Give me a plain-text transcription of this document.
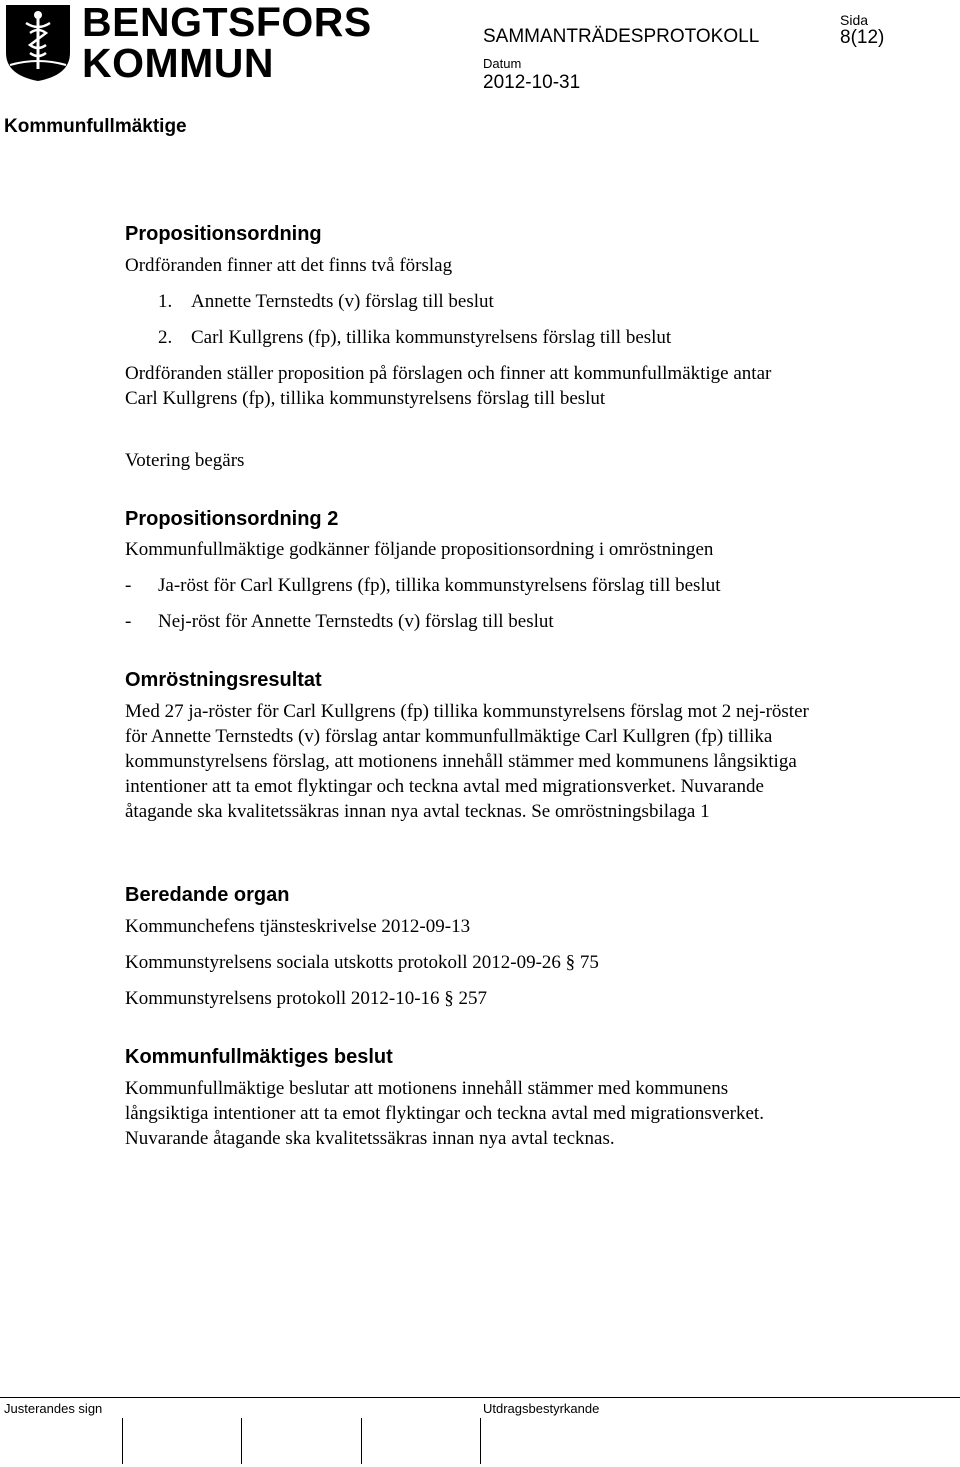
BENGTSFORS
KOMMUN
SAMMANTRÄDESPROTOKOLL
Sida
8(12)
Datum
2012-10-31
Kommunfullmäktige
Propositionsordning

Ordföranden finner att det finns två förslag

1. Annette Ternstedts (v) förslag till beslut
2. Carl Kullgrens (fp), tillika kommunstyrelsens förslag till beslut

Ordföranden ställer proposition på förslagen och finner att kommunfullmäktige antar Carl Kullgrens (fp), tillika kommunstyrelsens förslag till beslut

Votering begärs

Propositionsordning 2

Kommunfullmäktige godkänner följande propositionsordning i omröstningen

- Ja-röst för Carl Kullgrens (fp), tillika kommunstyrelsens förslag till beslut
- Nej-röst för Annette Ternstedts (v) förslag till beslut
Omröstningsresultat

Med 27 ja-röster för Carl Kullgrens (fp) tillika kommunstyrelsens förslag mot 2 nej-röster för Annette Ternstedts (v) förslag antar kommunfullmäktige Carl Kullgren (fp) tillika kommunstyrelsens förslag, att motionens innehåll stämmer med kommunens långsiktiga intentioner att ta emot flyktingar och teckna avtal med migrationsverket. Nuvarande åtagande ska kvalitetssäkras innan nya avtal tecknas. Se omröstningsbilaga 1

Beredande organ

Kommunchefens tjänsteskrivelse 2012-09-13

Kommunstyrelsens sociala utskotts protokoll 2012-09-26 § 75

Kommunstyrelsens protokoll 2012-10-16 § 257

Kommunfullmäktiges beslut

Kommunfullmäktige beslutar att motionens innehåll stämmer med kommunens långsiktiga intentioner att ta emot flyktingar och teckna avtal med migrationsverket. Nuvarande åtagande ska kvalitetssäkras innan nya avtal tecknas.

Justerandes sign	Utdragsbestyrkande
